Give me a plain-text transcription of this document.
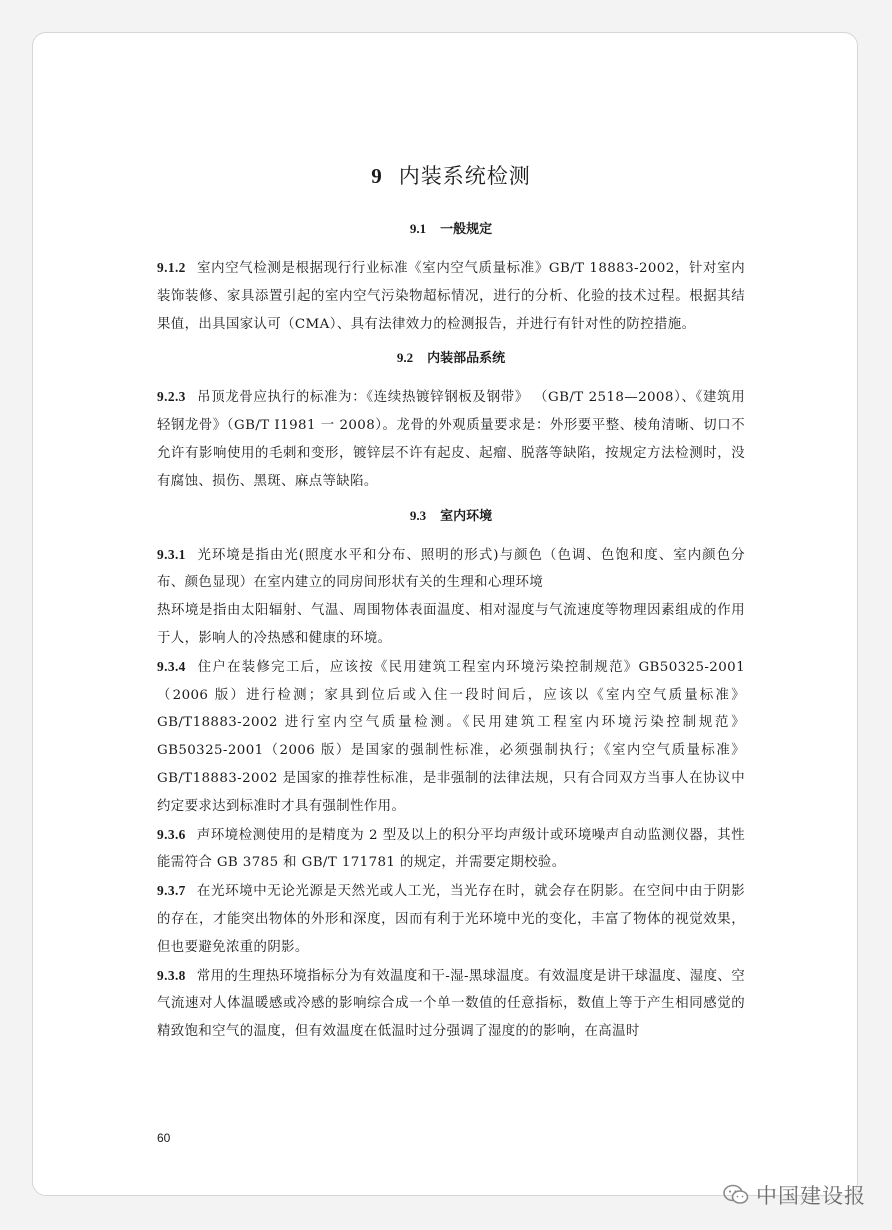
9 内装系统检测
9.1 一般规定

9.1.2 室内空气检测是根据现行行业标准《室内空气质量标准》GB/T 18883-2002，针对室内装饰装修、家具添置引起的室内空气污染物超标情况，进行的分析、化验的技术过程。根据其结果值，出具国家认可（CMA）、具有法律效力的检测报告，并进行有针对性的防控措施。

9.2 内装部品系统

9.2.3 吊顶龙骨应执行的标准为：《连续热镀锌钢板及钢带》 （GB/T 2518—2008）、《建筑用轻钢龙骨》（GB/T Ⅰ1981 一 2008）。龙骨的外观质量要求是：外形要平整、棱角清晰、切口不允许有影响使用的毛刺和变形，镀锌层不许有起皮、起瘤、脱落等缺陷，按规定方法检测时，没有腐蚀、损伤、黑斑、麻点等缺陷。

9.3 室内环境

9.3.1 光环境是指由光(照度水平和分布、照明的形式)与颜色（色调、色饱和度、室内颜色分布、颜色显现）在室内建立的同房间形状有关的生理和心理环境

热环境是指由太阳辐射、气温、周围物体表面温度、相对湿度与气流速度等物理因素组成的作用于人，影响人的冷热感和健康的环境。

9.3.4 住户在装修完工后，应该按《民用建筑工程室内环境污染控制规范》GB50325-2001（2006 版）进行检测；家具到位后或入住一段时间后，应该以《室内空气质量标准》GB/T18883-2002 进行室内空气质量检测。《民用建筑工程室内环境污染控制规范》GB50325-2001（2006 版）是国家的强制性标准，必须强制执行；《室内空气质量标准》GB/T18883-2002 是国家的推荐性标准，是非强制的法律法规，只有合同双方当事人在协议中约定要求达到标准时才具有强制性作用。

9.3.6 声环境检测使用的是精度为 2 型及以上的积分平均声级计或环境噪声自动监测仪器，其性能需符合 GB 3785 和 GB/T 171781 的规定，并需要定期校验。

9.3.7 在光环境中无论光源是天然光或人工光，当光存在时，就会存在阴影。在空间中由于阴影的存在，才能突出物体的外形和深度，因而有利于光环境中光的变化，丰富了物体的视觉效果，但也要避免浓重的阴影。

9.3.8 常用的生理热环境指标分为有效温度和干-湿-黑球温度。有效温度是讲干球温度、湿度、空气流速对人体温暖感或冷感的影响综合成一个单一数值的任意指标，数值上等于产生相同感觉的精致饱和空气的温度，但有效温度在低温时过分强调了湿度的的影响，在高温时

60
中国建设报
